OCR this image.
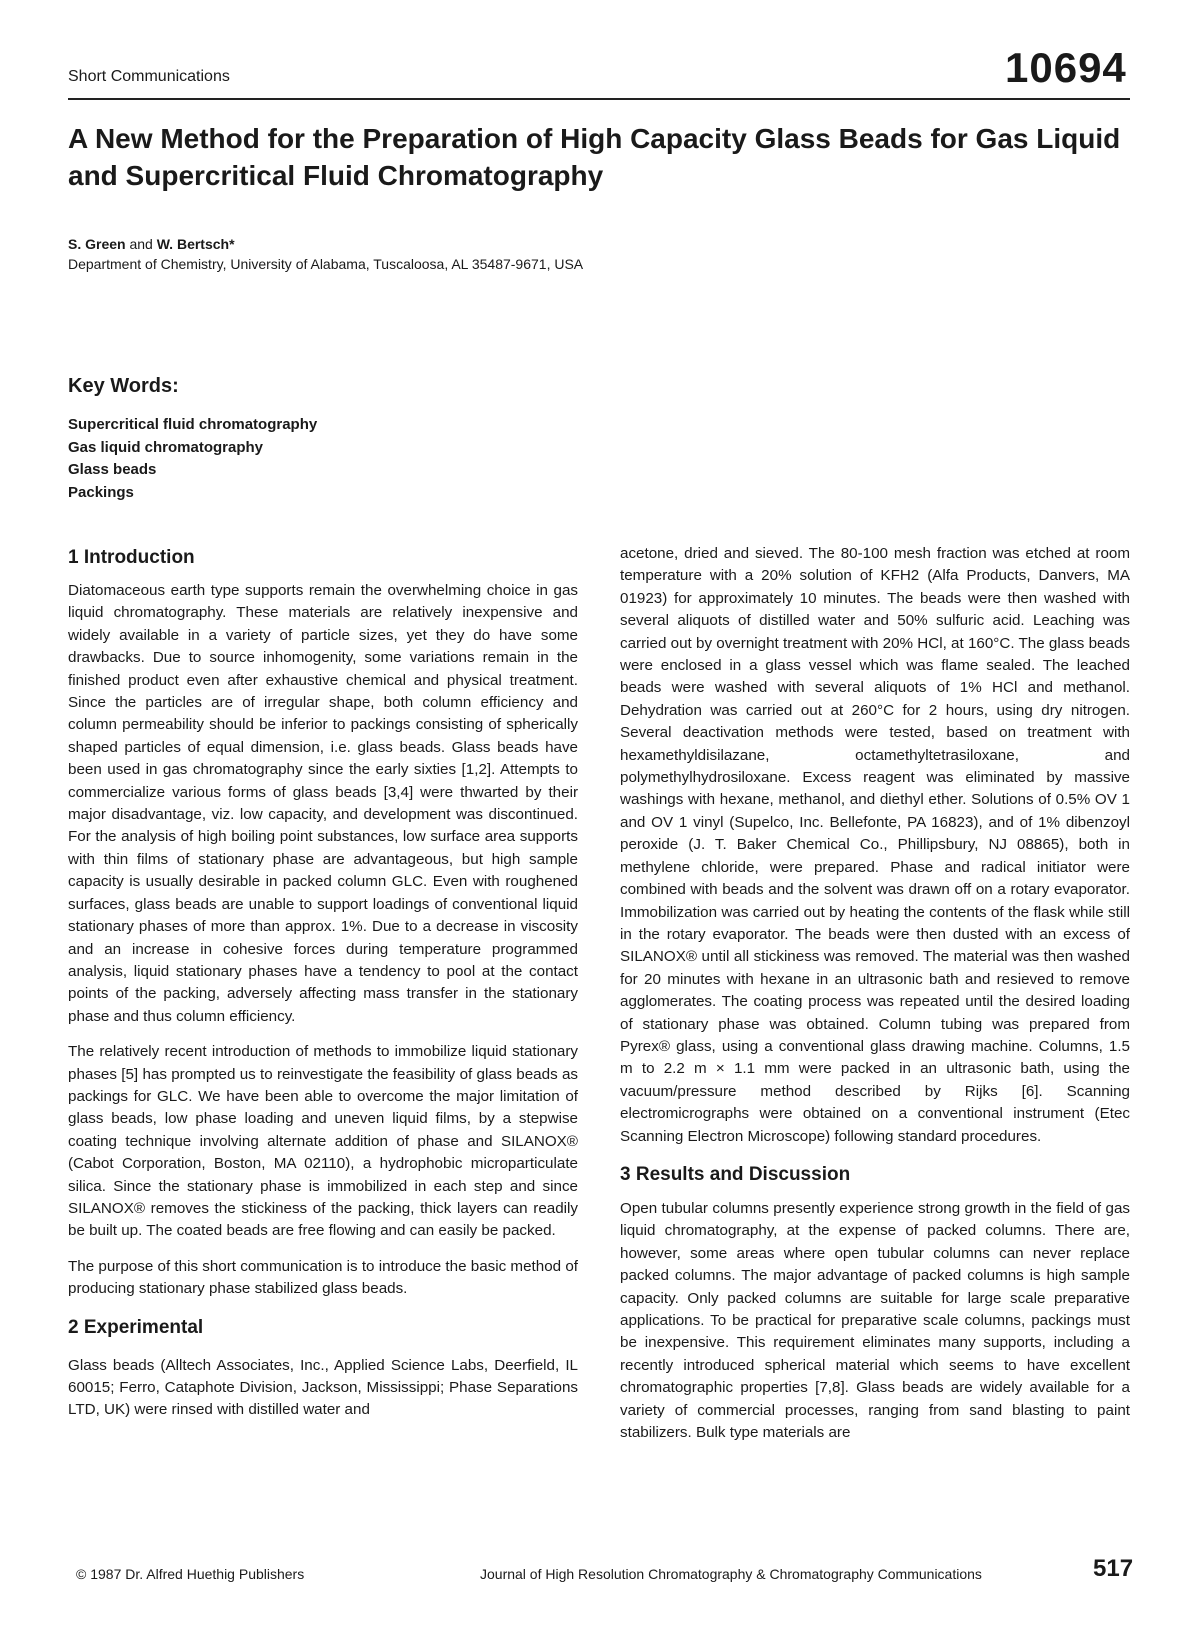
Short Communications	10694
A New Method for the Preparation of High Capacity Glass Beads for Gas Liquid and Supercritical Fluid Chromatography
S. Green and W. Bertsch*
Department of Chemistry, University of Alabama, Tuscaloosa, AL 35487-9671, USA
Key Words:
Supercritical fluid chromatography
Gas liquid chromatography
Glass beads
Packings
1 Introduction

Diatomaceous earth type supports remain the overwhelming choice in gas liquid chromatography. These materials are relatively inexpensive and widely available in a variety of particle sizes, yet they do have some drawbacks. Due to source inhomogenity, some variations remain in the finished product even after exhaustive chemical and physical treatment. Since the particles are of irregular shape, both column efficiency and column permeability should be inferior to packings consisting of spherically shaped particles of equal dimension, i.e. glass beads. Glass beads have been used in gas chromatography since the early sixties [1,2]. Attempts to commercialize various forms of glass beads [3,4] were thwarted by their major disadvantage, viz. low capacity, and development was discontinued. For the analysis of high boiling point substances, low surface area supports with thin films of stationary phase are advantageous, but high sample capacity is usually desirable in packed column GLC. Even with roughened surfaces, glass beads are unable to support loadings of conventional liquid stationary phases of more than approx. 1%. Due to a decrease in viscosity and an increase in cohesive forces during temperature programmed analysis, liquid stationary phases have a tendency to pool at the contact points of the packing, adversely affecting mass transfer in the stationary phase and thus column efficiency.

The relatively recent introduction of methods to immobilize liquid stationary phases [5] has prompted us to reinvestigate the feasibility of glass beads as packings for GLC. We have been able to overcome the major limitation of glass beads, low phase loading and uneven liquid films, by a stepwise coating technique involving alternate addition of phase and SILANOX® (Cabot Corporation, Boston, MA 02110), a hydrophobic microparticulate silica. Since the stationary phase is immobilized in each step and since SILANOX® removes the stickiness of the packing, thick layers can readily be built up. The coated beads are free flowing and can easily be packed.

The purpose of this short communication is to introduce the basic method of producing stationary phase stabilized glass beads.

2 Experimental

Glass beads (Alltech Associates, Inc., Applied Science Labs, Deerfield, IL 60015; Ferro, Cataphote Division, Jackson, Mississippi; Phase Separations LTD, UK) were rinsed with distilled water and

acetone, dried and sieved. The 80-100 mesh fraction was etched at room temperature with a 20% solution of KFH2 (Alfa Products, Danvers, MA 01923) for approximately 10 minutes. The beads were then washed with several aliquots of distilled water and 50% sulfuric acid. Leaching was carried out by overnight treatment with 20% HCl, at 160°C. The glass beads were enclosed in a glass vessel which was flame sealed. The leached beads were washed with several aliquots of 1% HCl and methanol. Dehydration was carried out at 260°C for 2 hours, using dry nitrogen. Several deactivation methods were tested, based on treatment with hexamethyldisilazane, octamethyltetrasiloxane, and polymethylhydrosiloxane. Excess reagent was eliminated by massive washings with hexane, methanol, and diethyl ether. Solutions of 0.5% OV 1 and OV 1 vinyl (Supelco, Inc. Bellefonte, PA 16823), and of 1% dibenzoyl peroxide (J. T. Baker Chemical Co., Phillipsbury, NJ 08865), both in methylene chloride, were prepared. Phase and radical initiator were combined with beads and the solvent was drawn off on a rotary evaporator. Immobilization was carried out by heating the contents of the flask while still in the rotary evaporator. The beads were then dusted with an excess of SILANOX® until all stickiness was removed. The material was then washed for 20 minutes with hexane in an ultrasonic bath and resieved to remove agglomerates. The coating process was repeated until the desired loading of stationary phase was obtained. Column tubing was prepared from Pyrex® glass, using a conventional glass drawing machine. Columns, 1.5 m to 2.2 m × 1.1 mm were packed in an ultrasonic bath, using the vacuum/pressure method described by Rijks [6]. Scanning electromicrographs were obtained on a conventional instrument (Etec Scanning Electron Microscope) following standard procedures.

3 Results and Discussion

Open tubular columns presently experience strong growth in the field of gas liquid chromatography, at the expense of packed columns. There are, however, some areas where open tubular columns can never replace packed columns. The major advantage of packed columns is high sample capacity. Only packed columns are suitable for large scale preparative applications. To be practical for preparative scale columns, packings must be inexpensive. This requirement eliminates many supports, including a recently introduced spherical material which seems to have excellent chromatographic properties [7,8]. Glass beads are widely available for a variety of commercial processes, ranging from sand blasting to paint stabilizers. Bulk type materials are

© 1987 Dr. Alfred Huethig Publishers	Journal of High Resolution Chromatography & Chromatography Communications	517
